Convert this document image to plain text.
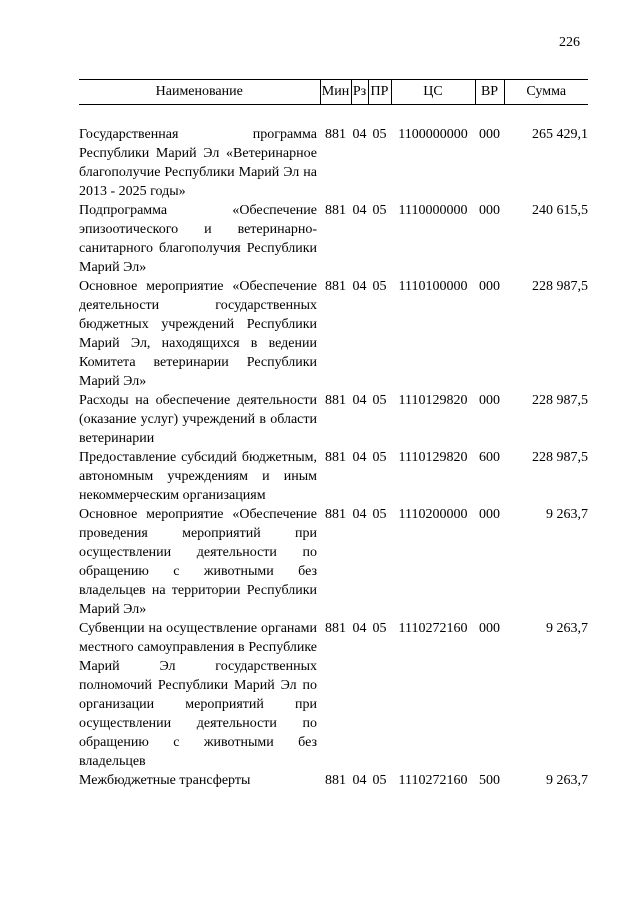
226
Наименование	Мин	Рз	ПР	ЦС	ВР	Сумма

Государственная программа Республики Марий Эл «Ветеринарное благополучие Республики Марий Эл на 2013 - 2025 годы»	881	04	05	1100000000	000	265 429,1
Подпрограмма «Обеспечение эпизоотического и ветеринарно-санитарного благополучия Республики Марий Эл»	881	04	05	1110000000	000	240 615,5
Основное мероприятие «Обеспечение деятельности государственных бюджетных учреждений Республики Марий Эл, находящихся в ведении Комитета ветеринарии Республики Марий Эл»	881	04	05	1110100000	000	228 987,5
Расходы на обеспечение деятельности (оказание услуг) учреждений в области ветеринарии	881	04	05	1110129820	000	228 987,5
Предоставление субсидий бюджетным, автономным учреждениям и иным некоммерческим организациям	881	04	05	1110129820	600	228 987,5
Основное мероприятие «Обеспечение проведения мероприятий при осуществлении деятельности по обращению с животными без владельцев на территории Республики Марий Эл»	881	04	05	1110200000	000	9 263,7
Субвенции на осуществление органами местного самоуправления в Республике Марий Эл государственных полномочий Республики Марий Эл по организации мероприятий при осуществлении деятельности по обращению с животными без владельцев	881	04	05	1110272160	000	9 263,7
Межбюджетные трансферты	881	04	05	1110272160	500	9 263,7
